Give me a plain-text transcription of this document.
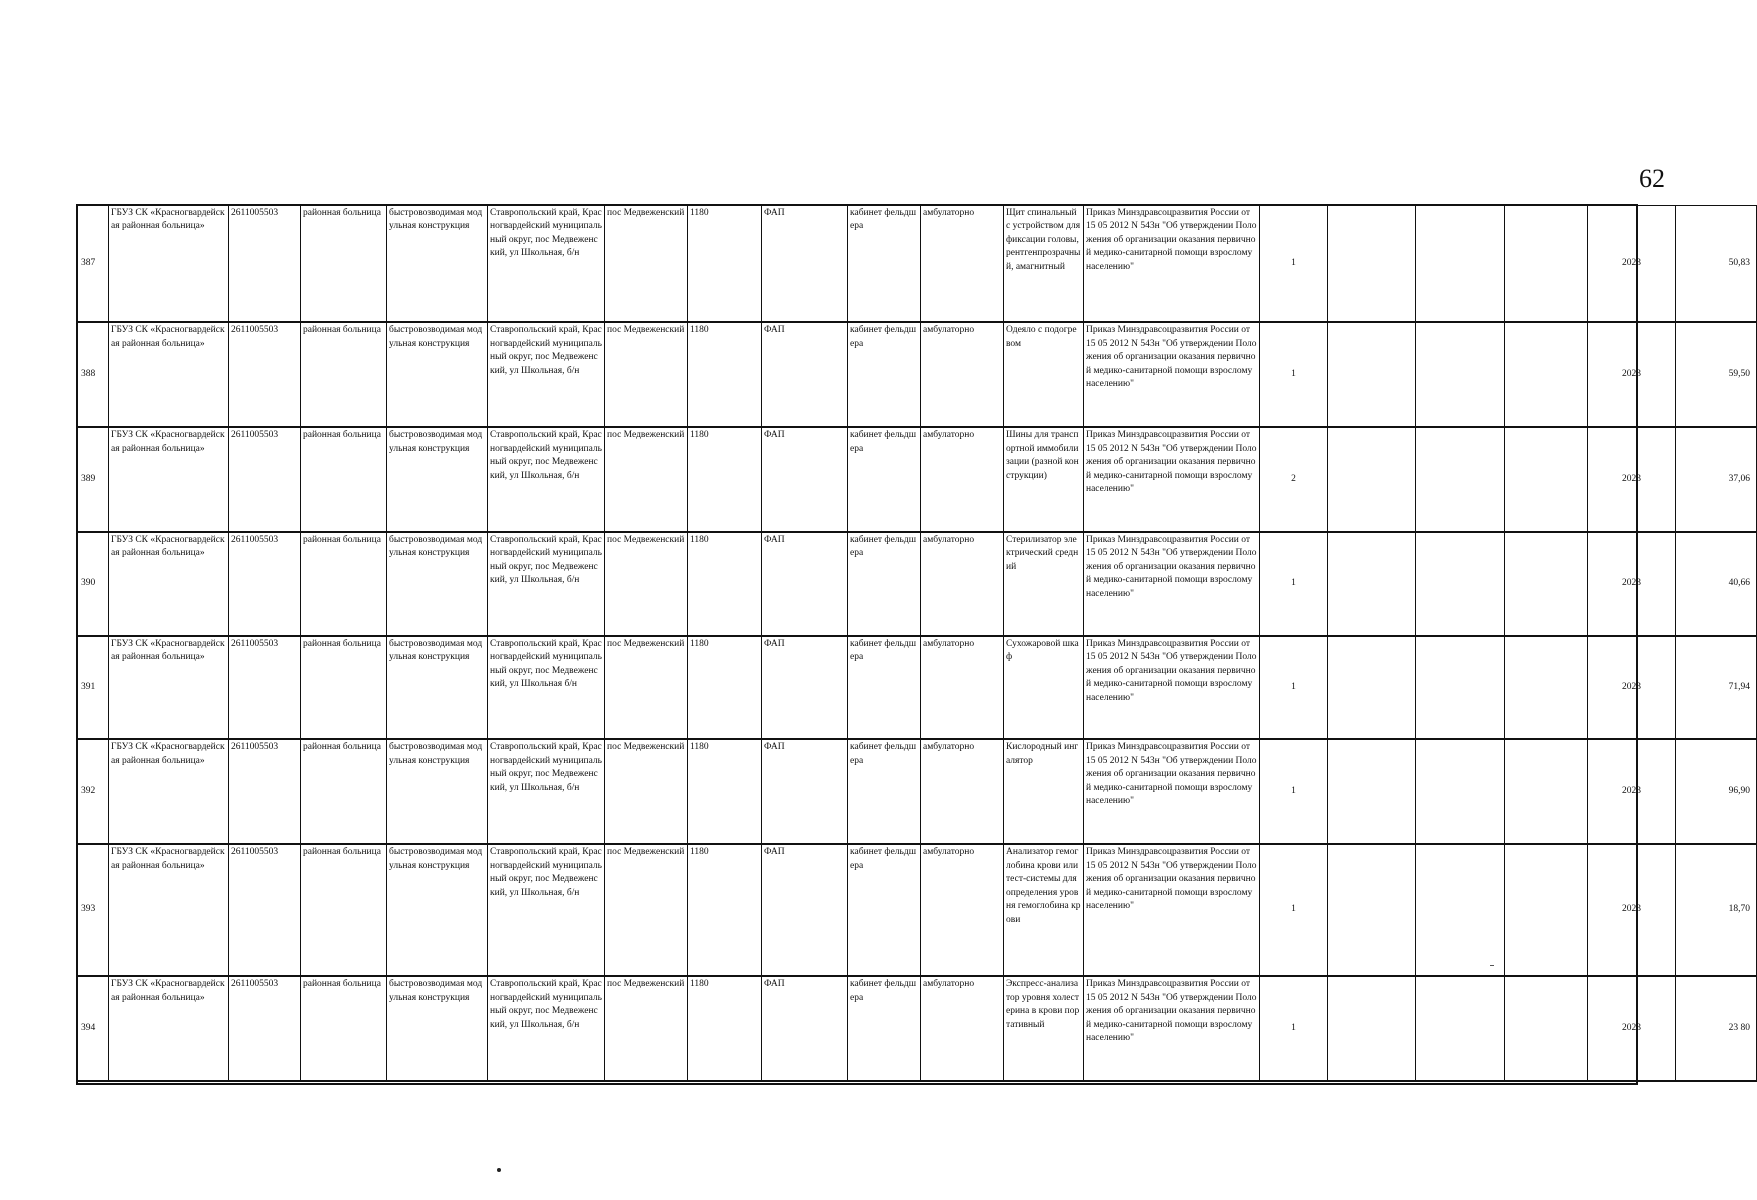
62
387	ГБУЗ СК «Красногвардейская районная больница»	2611005503	районная больница	быстровозводимая модульная конструкция	Ставропольский край, Красногвардейский муниципальный округ, пос Медвеженский, ул Школьная, б/н	пос Медвеженский	1180	ФАП	кабинет фельдшера	амбулаторно	Щит спинальный с устройством для фиксации головы, рентгенпрозрачный, амагнитный	Приказ Минздравсоцразвития России от 15 05 2012 N 543н "Об утверждении Положения об организации оказания первичной медико-санитарной помощи взрослому населению"	1				2023	50,83
388	ГБУЗ СК «Красногвардейская районная больница»	2611005503	районная больница	быстровозводимая модульная конструкция	Ставропольский край, Красногвардейский муниципальный округ, пос Медвеженский, ул Школьная, б/н	пос Медвеженский	1180	ФАП	кабинет фельдшера	амбулаторно	Одеяло с подогревом	Приказ Минздравсоцразвития России от 15 05 2012 N 543н "Об утверждении Положения об организации оказания первичной медико-санитарной помощи взрослому населению"	1				2023	59,50
389	ГБУЗ СК «Красногвардейская районная больница»	2611005503	районная больница	быстровозводимая модульная конструкция	Ставропольский край, Красногвардейский муниципальный округ, пос Медвеженский, ул Школьная, б/н	пос Медвеженский	1180	ФАП	кабинет фельдшера	амбулаторно	Шины для транспортной иммобилизации (разной конструкции)	Приказ Минздравсоцразвития России от 15 05 2012 N 543н "Об утверждении Положения об организации оказания первичной медико-санитарной помощи взрослому населению"	2				2023	37,06
390	ГБУЗ СК «Красногвардейская районная больница»	2611005503	районная больница	быстровозводимая модульная конструкция	Ставропольский край, Красногвардейский муниципальный округ, пос Медвеженский, ул Школьная, б/н	пос Медвеженский	1180	ФАП	кабинет фельдшера	амбулаторно	Стерилизатор электрический средний	Приказ Минздравсоцразвития России от 15 05 2012 N 543н "Об утверждении Положения об организации оказания первичной медико-санитарной помощи взрослому населению"	1				2023	40,66
391	ГБУЗ СК «Красногвардейская районная больница»	2611005503	районная больница	быстровозводимая модульная конструкция	Ставропольский край, Красногвардейский муниципальный округ, пос Медвеженский, ул Школьная б/н	пос Медвеженский	1180	ФАП	кабинет фельдшера	амбулаторно	Сухожаровой шкаф	Приказ Минздравсоцразвития России от 15 05 2012 N 543н "Об утверждении Положения об организации оказания первичной медико-санитарной помощи взрослому населению"	1				2023	71,94
392	ГБУЗ СК «Красногвардейская районная больница»	2611005503	районная больница	быстровозводимая модульная конструкция	Ставропольский край, Красногвардейский муниципальный округ, пос Медвеженский, ул Школьная, б/н	пос Медвеженский	1180	ФАП	кабинет фельдшера	амбулаторно	Кислородный ингалятор	Приказ Минздравсоцразвития России от 15 05 2012 N 543н "Об утверждении Положения об организации оказания первичной медико-санитарной помощи взрослому населению"	1				2023	96,90
393	ГБУЗ СК «Красногвардейская районная больница»	2611005503	районная больница	быстровозводимая модульная конструкция	Ставропольский край, Красногвардейский муниципальный округ, пос Медвеженский, ул Школьная, б/н	пос Медвеженский	1180	ФАП	кабинет фельдшера	амбулаторно	Анализатор гемоглобина крови или тест-системы для определения уровня гемоглобина крови	Приказ Минздравсоцразвития России от 15 05 2012 N 543н "Об утверждении Положения об организации оказания первичной медико-санитарной помощи взрослому населению"	1				2023	18,70
394	ГБУЗ СК «Красногвардейская районная больница»	2611005503	районная больница	быстровозводимая модульная конструкция	Ставропольский край, Красногвардейский муниципальный округ, пос Медвеженский, ул Школьная, б/н	пос Медвеженский	1180	ФАП	кабинет фельдшера	амбулаторно	Экспресс-анализатор уровня холестерина в крови портативный	Приказ Минздравсоцразвития России от 15 05 2012 N 543н "Об утверждении Положения об организации оказания первичной медико-санитарной помощи взрослому населению"	1				2023	23 80
